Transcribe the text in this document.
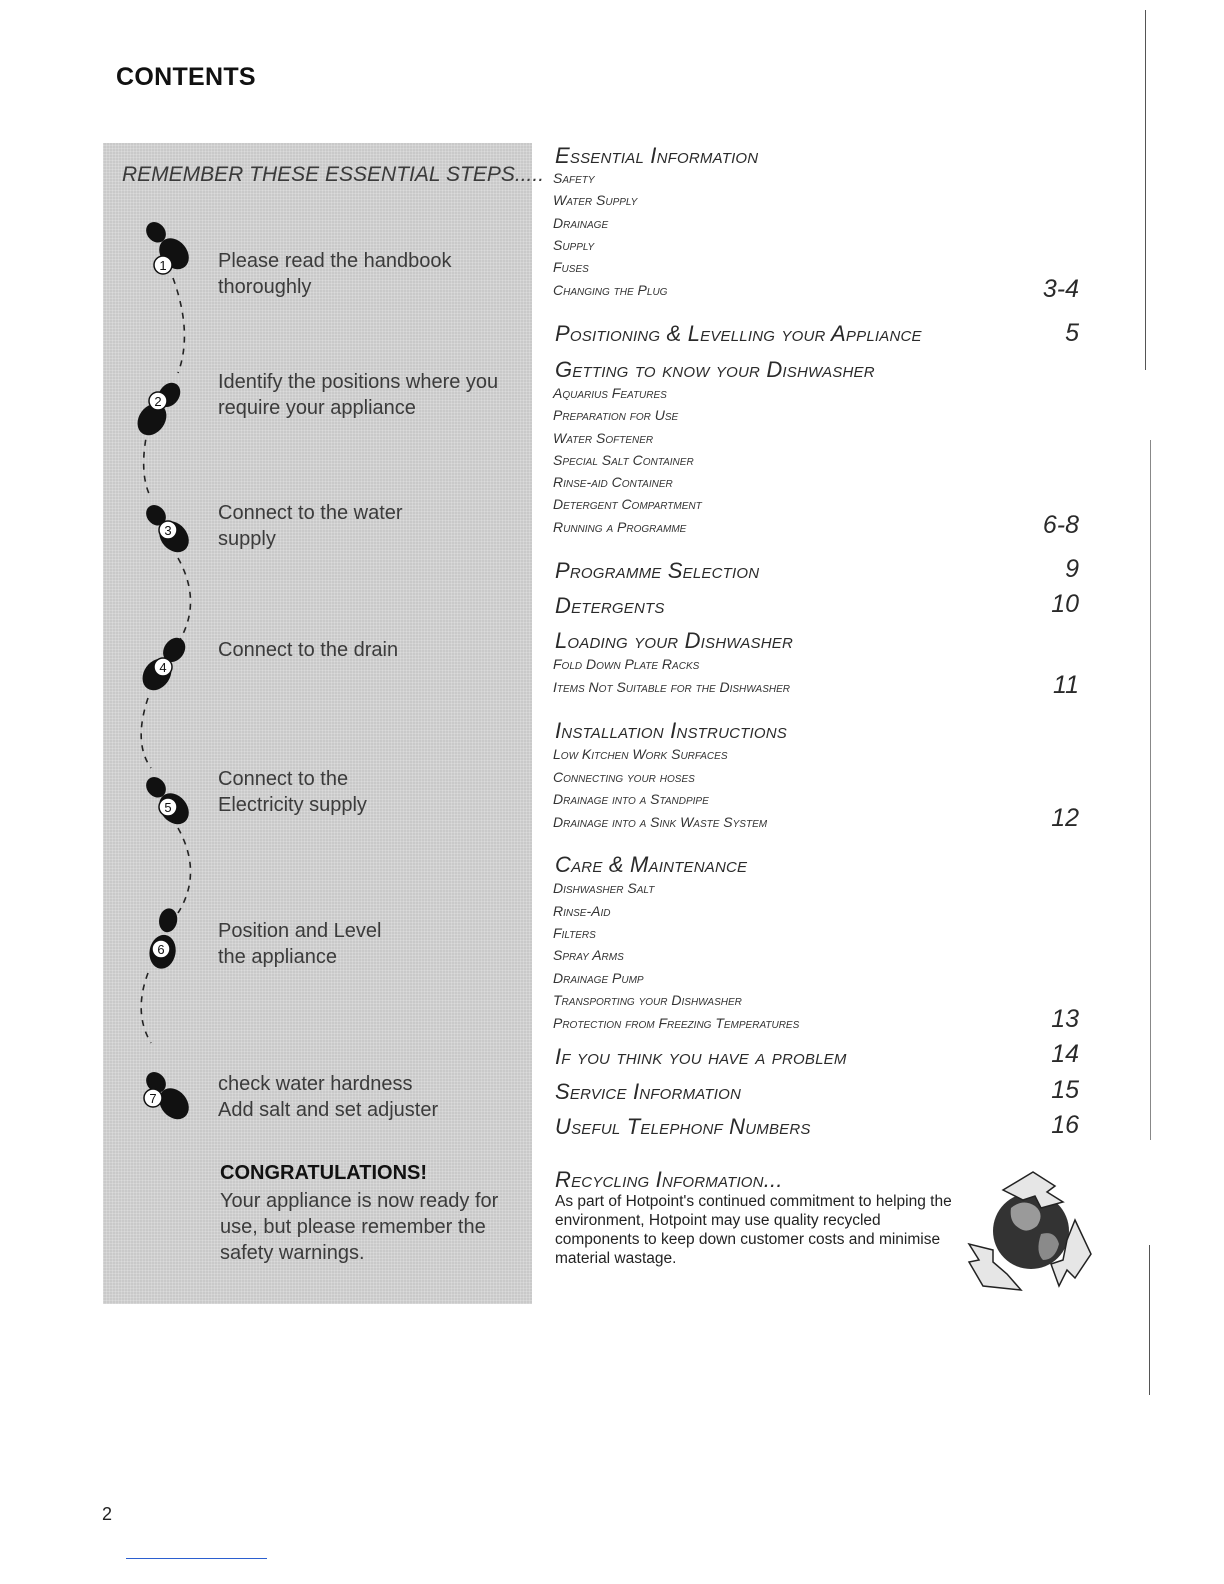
CONTENTS
1
2
3
4
5
6
7
REMEMBER THESE ESSENTIAL STEPS.....
Please read the handbook
thoroughly
Identify the positions where you
require your appliance
Connect to the water
supply
Connect to the drain
Connect to the
Electricity supply
Position and Level
the appliance
check water hardness
Add salt and set adjuster
CONGRATULATIONS!
Your appliance is now ready for use, but please remember the safety warnings.
Essential Information
Safety
Water Supply
Drainage
Supply
Fuses
Changing the Plug	3-4
Positioning & Levelling your Appliance	5
Getting to know your Dishwasher
Aquarius Features
Preparation for Use
Water Softener
Special Salt Container
Rinse-aid Container
Detergent Compartment
Running a Programme	6-8
Programme Selection	9
Detergents	10
Loading your Dishwasher
Fold Down Plate Racks
Items Not Suitable for the Dishwasher	11
Installation Instructions
Low Kitchen Work Surfaces
Connecting your hoses
Drainage into a Standpipe
Drainage into a Sink Waste System	12
Care & Maintenance
Dishwasher Salt
Rinse-Aid
Filters
Spray Arms
Drainage Pump
Transporting your Dishwasher
Protection from Freezing Temperatures	13
If you think you have a problem	14
Service Information	15
Useful Telephonf Numbers	16
Recycling Information...
As part of Hotpoint's continued commitment to helping the environment, Hotpoint may use quality recycled components to keep down customer costs and minimise material wastage.
2
